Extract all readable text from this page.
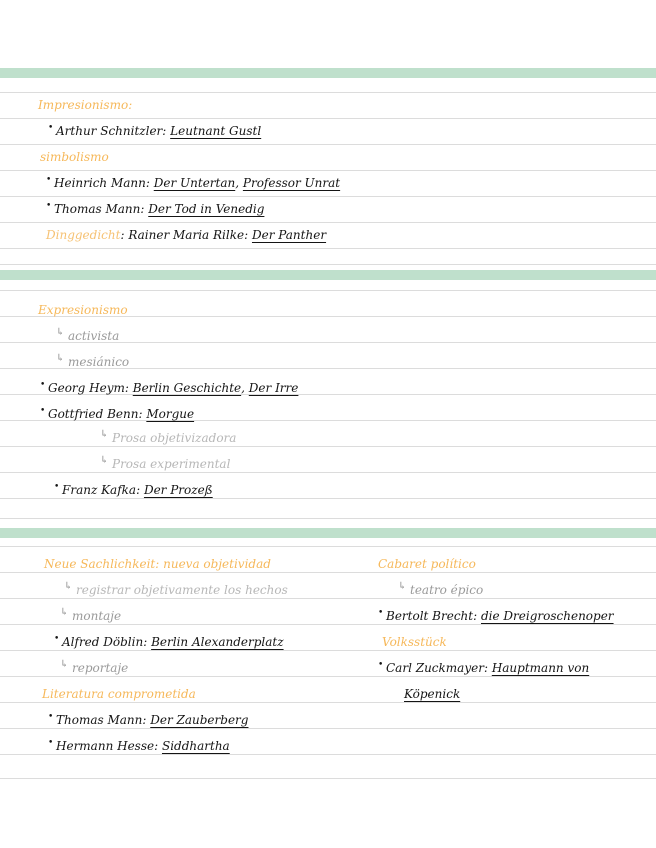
Impresionismo:
• Arthur Schnitzler: Leutnant Gustl
simbolismo
• Heinrich Mann: Der Untertan, Professor Unrat
• Thomas Mann: Der Tod in Venedig
Dinggedicht: Rainer Maria Rilke: Der Panther
Expresionismo
↳ activista
↳ mesiánico
• Georg Heym: Berlin Geschichte, Der Irre
• Gottfried Benn: Morgue
↳ Prosa objetivizadora
↳ Prosa experimental
• Franz Kafka: Der Prozeß
Neue Sachlichkeit: nueva objetividad
↳ registrar objetivamente los hechos
↳ montaje
• Alfred Döblin: Berlin Alexanderplatz
↳ reportaje
Literatura comprometida
• Thomas Mann: Der Zauberberg
• Hermann Hesse: Siddhartha
Cabaret político
↳ teatro épico
• Bertolt Brecht: die Dreigroschenoper
Volksstück
• Carl Zuckmayer: Hauptmann von
Köpenick
